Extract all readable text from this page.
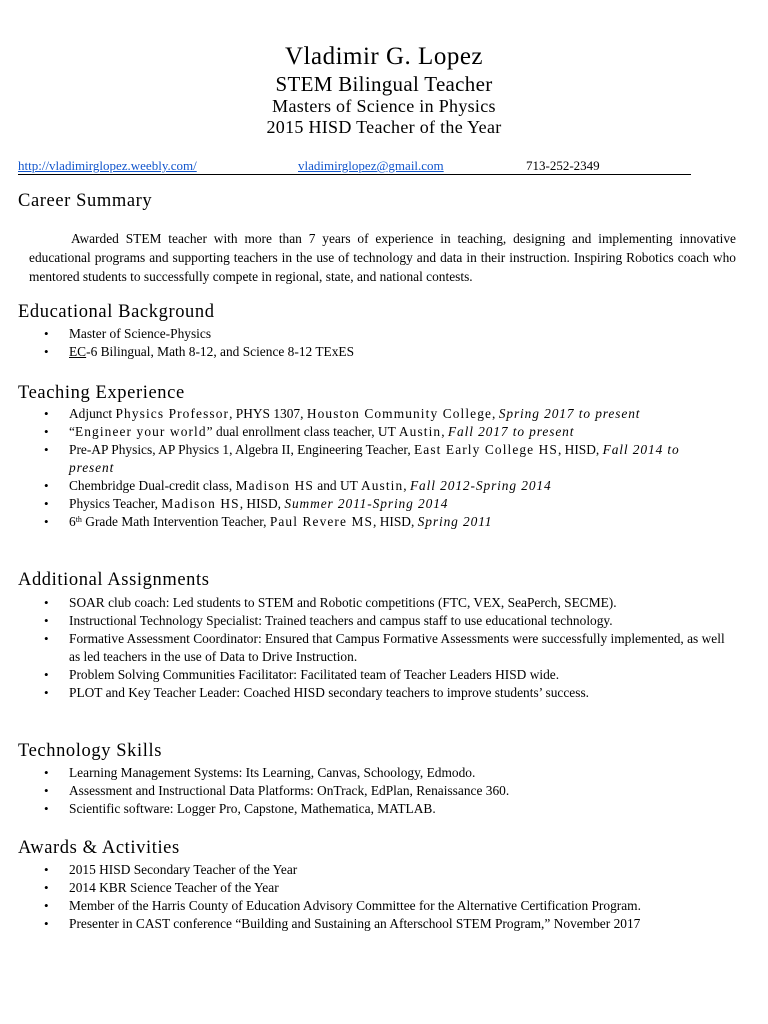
Vladimir G. Lopez
STEM Bilingual Teacher
Masters of Science in Physics
2015 HISD Teacher of the Year
http://vladimirglopez.weebly.com/	vladimirglopez@gmail.com	713-252-2349
Career Summary

Awarded STEM teacher with more than 7 years of experience in teaching, designing and implementing innovative educational programs and supporting teachers in the use of technology and data in their instruction. Inspiring Robotics coach who mentored students to successfully compete in regional, state, and national contests.

Educational Background
• Master of Science-Physics
• EC-6 Bilingual, Math 8-12, and Science 8-12 TExES
Teaching Experience
• Adjunct Physics Professor, PHYS 1307, Houston Community College, Spring 2017 to present
• “Engineer your world” dual enrollment class teacher, UT Austin, Fall 2017 to present
• Pre-AP Physics, AP Physics 1, Algebra II, Engineering Teacher, East Early College HS, HISD, Fall 2014 to present
• Chembridge Dual-credit class, Madison HS and UT Austin, Fall 2012-Spring 2014
• Physics Teacher, Madison HS, HISD, Summer 2011-Spring 2014
• 6th Grade Math Intervention Teacher, Paul Revere MS, HISD, Spring 2011
Additional Assignments
• SOAR club coach: Led students to STEM and Robotic competitions (FTC, VEX, SeaPerch, SECME).
• Instructional Technology Specialist: Trained teachers and campus staff to use educational technology.
• Formative Assessment Coordinator: Ensured that Campus Formative Assessments were successfully implemented, as well as led teachers in the use of Data to Drive Instruction.
• Problem Solving Communities Facilitator: Facilitated team of Teacher Leaders HISD wide.
• PLOT and Key Teacher Leader: Coached HISD secondary teachers to improve students’ success.
Technology Skills
• Learning Management Systems: Its Learning, Canvas, Schoology, Edmodo.
• Assessment and Instructional Data Platforms: OnTrack, EdPlan, Renaissance 360.
• Scientific software: Logger Pro, Capstone, Mathematica, MATLAB.
Awards & Activities
• 2015 HISD Secondary Teacher of the Year
• 2014 KBR Science Teacher of the Year
• Member of the Harris County of Education Advisory Committee for the Alternative Certification Program.
• Presenter in CAST conference “Building and Sustaining an Afterschool STEM Program,” November 2017
